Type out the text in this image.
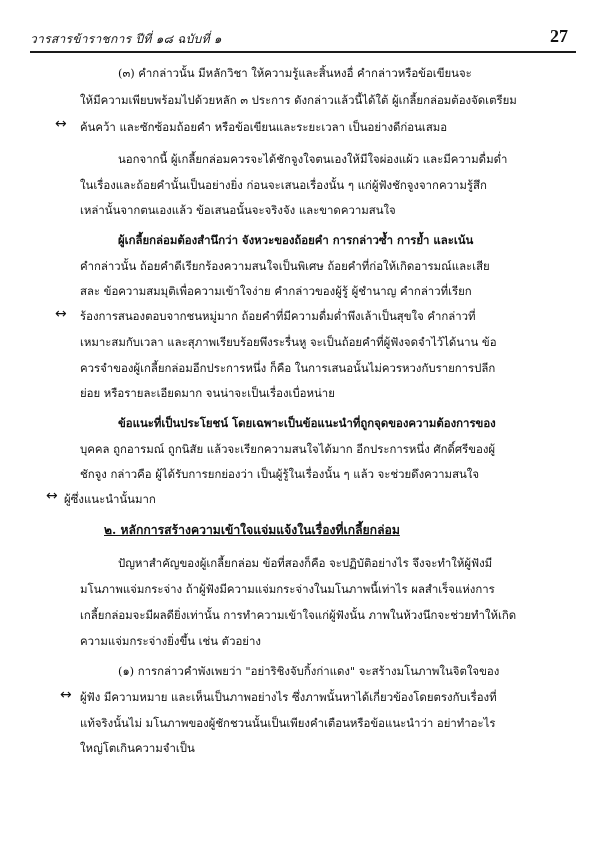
วารสารข้าราชการ ปีที่ ๑๘ ฉบับที่ ๑	27
(๓) คำกล่าวนั้น มีหลักวิชา ให้ความรู้และสิ้นหงอื่ คำกล่าวหรือข้อเขียนจะ
ให้มีความเพียบพร้อมไปด้วยหลัก ๓ ประการ ดังกล่าวแล้วนี้ได้ใต้ ผู้เกลี้ยกล่อมต้องจัดเตรียม
↔ ค้นคว้า และซักซ้อมถ้อยคำ หรือข้อเขียนและระยะเวลา เป็นอย่างดีก่อนเสมอ
นอกจากนี้ ผู้เกลี้ยกล่อมควรจะได้ชักจูงใจตนเองให้มีใจผ่องแผ้ว และมีความดื่มด่ำ
ในเรื่องและถ้อยคำนั้นเป็นอย่างยิ่ง ก่อนจะเสนอเรื่องนั้น ๆ แก่ผู้ฟังชักจูงจากความรู้สึก
เหล่านั้นจากตนเองแล้ว ข้อเสนอนั้นจะจริงจัง และขาดความสนใจ
ผู้เกลี้ยกล่อมต้องสำนึกว่า จังหวะของถ้อยคำ การกล่าวซ้ำ การย้ำ และเน้น
คำกล่าวนั้น ถ้อยคำดีเรียกร้องความสนใจเป็นพิเศษ ถ้อยคำที่ก่อให้เกิดอารมณ์และเสีย
สละ ข้อความสมมุติเพื่อความเข้าใจง่าย คำกล่าวของผู้รู้ ผู้ชำนาญ คำกล่าวที่เรียก
↔ ร้องการสนองตอบจากชนหมู่มาก ถ้อยคำที่มีความดื่มด่ำพึงเล้าเป็นสุขใจ คำกล่าวที่
เหมาะสมกับเวลา และสุภาพเรียบร้อยพึงระรื่นหู จะเป็นถ้อยคำที่ผู้ฟังจดจำไว้ได้นาน ข้อ
ควรจำของผู้เกลี้ยกล่อมอีกประการหนึ่ง ก็คือ ในการเสนอนั้นไม่ควรหวงกับรายการปลีก
ย่อย หรือรายละเอียดมาก จนน่าจะเป็นเรื่องเบื่อหน่าย
ข้อแนะที่เป็นประโยชน์ โดยเฉพาะเป็นข้อแนะนำที่ถูกจุดของความต้องการของ
บุคคล ถูกอารมณ์ ถูกนิสัย แล้วจะเรียกความสนใจได้มาก อีกประการหนึ่ง ศักดิ์ศรีของผู้
ชักจูง กล่าวคือ ผู้ได้รับการยกย่องว่า เป็นผู้รู้ในเรื่องนั้น ๆ แล้ว จะช่วยดึงความสนใจ
↔ ผู้ซึ่งแนะนำนั้นมาก
๒. หลักการสร้างความเข้าใจแจ่มแจ้งในเรื่องที่เกลี้ยกล่อม
ปัญหาสำคัญของผู้เกลี้ยกล่อม ข้อที่สองก็คือ จะปฏิบัติอย่างไร จึงจะทำให้ผู้ฟังมี
มโนภาพแจ่มกระจ่าง ถ้าผู้ฟังมีความแจ่มกระจ่างในมโนภาพนี้เท่าไร ผลสำเร็จแห่งการ
เกลี้ยกล่อมจะมีผลดียิ่งเท่านั้น การทำความเข้าใจแก่ผู้ฟังนั้น ภาพในห้วงนึกจะช่วยทำให้เกิด
ความแจ่มกระจ่างยิ่งขึ้น เช่น ตัวอย่าง
(๑) การกล่าวคำพังเพยว่า "อย่าริชิงจับกิ้งก่าแดง" จะสร้างมโนภาพในจิตใจของ
↔ ผู้ฟัง มีความหมาย และเห็นเป็นภาพอย่างไร ซึ่งภาพนั้นหาได้เกี่ยวข้องโดยตรงกับเรื่องที่
แท้จริงนั้นไม่ มโนภาพของผู้ชักชวนนั้นเป็นเพียงคำเตือนหรือข้อแนะนำว่า อย่าทำอะไร
ใหญ่โตเกินความจำเป็น
